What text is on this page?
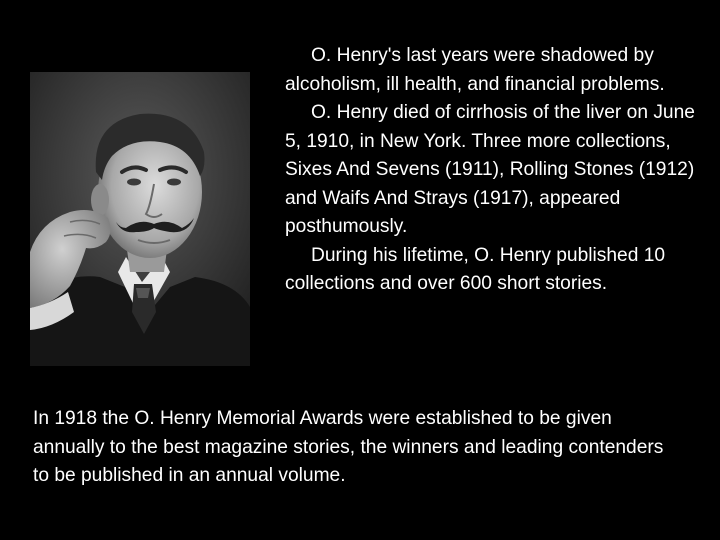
O. Henry's last years were shadowed by alcoholism, ill health, and financial problems.

O. Henry died of cirrhosis of the liver on June 5, 1910, in New York. Three more collections, Sixes And Sevens (1911), Rolling Stones (1912) and Waifs And Strays (1917), appeared posthumously.

During his lifetime, O. Henry published 10 collections and over 600 short stories.

In 1918 the O. Henry Memorial Awards were established to be given annually to the best magazine stories, the winners and leading contenders to be published in an annual volume.
